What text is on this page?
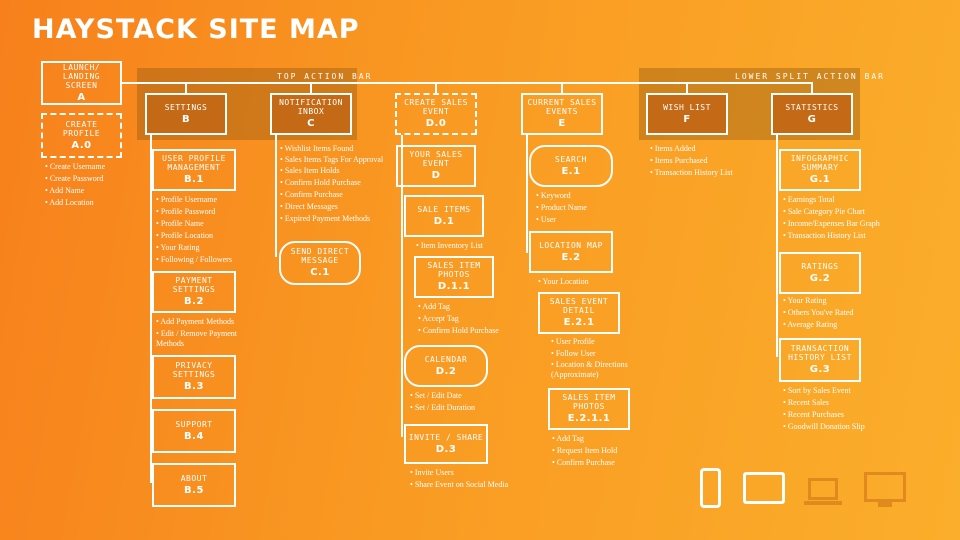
HAYSTACK SITE MAP
TOP ACTION BAR	LOWER SPLIT ACTION BAR
LAUNCH/
LANDING SCREEN
A
CREATE PROFILE
A.0
SETTINGS
B
NOTIFICATION
INBOX
C
CREATE SALES
EVENT
D.0
CURRENT SALES
EVENTS
E
WISH LIST
F
STATISTICS
G
• Create Username
• Create Password
• Add Name
• Add Location
USER PROFILE
MANAGEMENT
B.1
• Profile Username
• Profile Password
• Profile Name
• Profile Location
• Your Rating
• Following / Followers
PAYMENT
SETTINGS
B.2
• Add Payment Methods
• Edit / Remove Payment Methods
PRIVACY
SETTINGS
B.3
SUPPORT
B.4
ABOUT
B.5
• Wishlist Items Found
• Sales Items Tags For Approval
• Sales Item Holds
• Confirm Hold Purchase
• Confirm Purchase
• Direct Messages
• Expired Payment Methods
SEND DIRECT
MESSAGE
C.1
YOUR SALES
EVENT
D
SALE ITEMS
D.1
• Item Inventory List
SALES ITEM
PHOTOS
D.1.1
• Add Tag
• Accept Tag
• Confirm Hold Purchase
CALENDAR
D.2
• Set / Edit Date
• Set / Edit Duration
INVITE / SHARE
D.3
• Invite Users
• Share Event on Social Media
SEARCH
E.1
• Keyword
• Product Name
• User
LOCATION MAP
E.2
• Your Location
SALES EVENT
DETAIL
E.2.1
• User Profile
• Follow User
• Location & Directions (Approximate)
SALES ITEM
PHOTOS
E.2.1.1
• Add Tag
• Request Item Hold
• Confirm Purchase
• Items Added
• Items Purchased
• Transaction History List
INFOGRAPHIC
SUMMARY
G.1
• Earnings Total
• Sale Category Pie Chart
• Income/Expenses Bar Graph
• Transaction History List
RATINGS
G.2
• Your Rating
• Others You've Rated
• Average Rating
TRANSACTION
HISTORY LIST
G.3
• Sort by Sales Event
• Recent Sales
• Recent Purchases
• Goodwill Donation Slip
